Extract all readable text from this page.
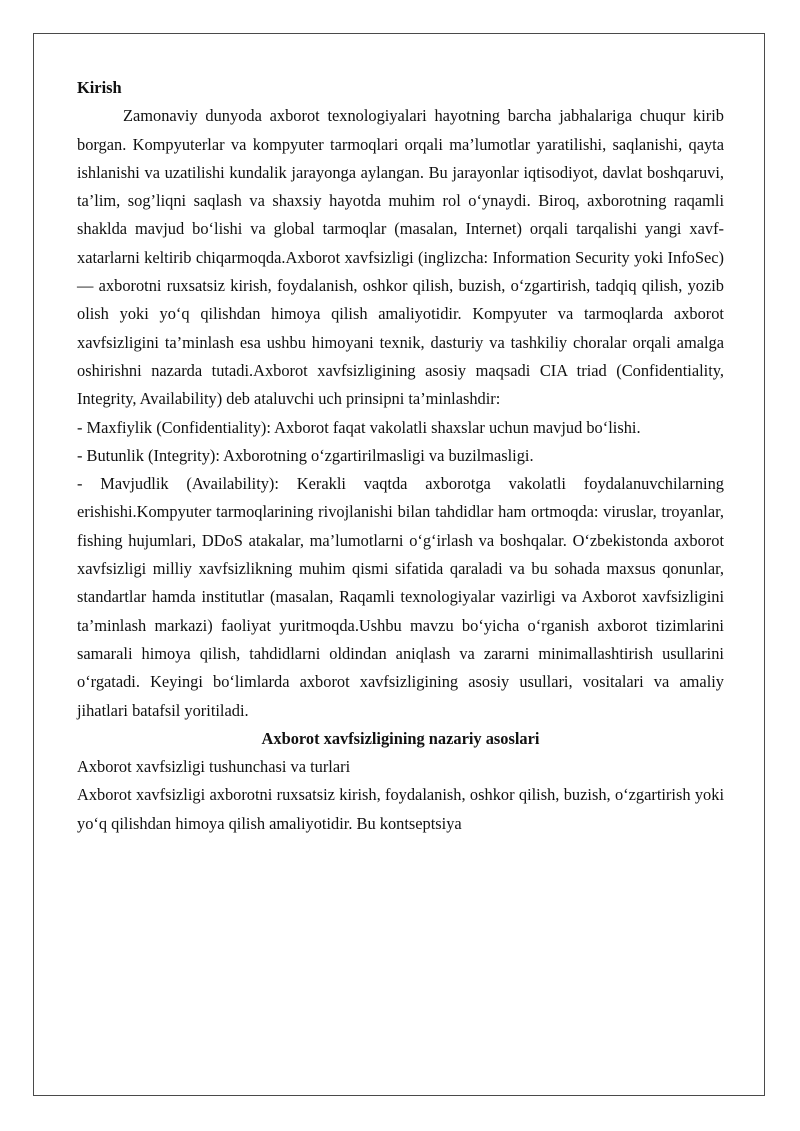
Kirish

Zamonaviy dunyoda axborot texnologiyalari hayotning barcha jabhalariga chuqur kirib borgan. Kompyuterlar va kompyuter tarmoqlari orqali ma’lumotlar yaratilishi, saqlanishi, qayta ishlanishi va uzatilishi kundalik jarayonga aylangan. Bu jarayonlar iqtisodiyot, davlat boshqaruvi, ta’lim, sog’liqni saqlash va shaxsiy hayotda muhim rol o‘ynaydi. Biroq, axborotning raqamli shaklda mavjud bo‘lishi va global tarmoqlar (masalan, Internet) orqali tarqalishi yangi xavf-xatarlarni keltirib chiqarmoqda.Axborot xavfsizligi (inglizcha: Information Security yoki InfoSec) — axborotni ruxsatsiz kirish, foydalanish, oshkor qilish, buzish, o‘zgartirish, tadqiq qilish, yozib olish yoki yo‘q qilishdan himoya qilish amaliyotidir. Kompyuter va tarmoqlarda axborot xavfsizligini ta’minlash esa ushbu himoyani texnik, dasturiy va tashkiliy choralar orqali amalga oshirishni nazarda tutadi.Axborot xavfsizligining asosiy maqsadi CIA triad (Confidentiality, Integrity, Availability) deb ataluvchi uch prinsipni ta’minlashdir:

- Maxfiylik (Confidentiality): Axborot faqat vakolatli shaxslar uchun mavjud bo‘lishi.

- Butunlik (Integrity): Axborotning o‘zgartirilmasligi va buzilmasligi.

- Mavjudlik (Availability): Kerakli vaqtda axborotga vakolatli foydalanuvchilarning erishishi.Kompyuter tarmoqlarining rivojlanishi bilan tahdidlar ham ortmoqda: viruslar, troyanlar, fishing hujumlari, DDoS atakalar, ma’lumotlarni o‘g‘irlash va boshqalar. O‘zbekistonda axborot xavfsizligi milliy xavfsizlikning muhim qismi sifatida qaraladi va bu sohada maxsus qonunlar, standartlar hamda institutlar (masalan, Raqamli texnologiyalar vazirligi va Axborot xavfsizligini ta’minlash markazi) faoliyat yuritmoqda.Ushbu mavzu bo‘yicha o‘rganish axborot tizimlarini samarali himoya qilish, tahdidlarni oldindan aniqlash va zararni minimallashtirish usullarini o‘rgatadi. Keyingi bo‘limlarda axborot xavfsizligining asosiy usullari, vositalari va amaliy jihatlari batafsil yoritiladi.

Axborot xavfsizligining nazariy asoslari

Axborot xavfsizligi tushunchasi va turlari

Axborot xavfsizligi axborotni ruxsatsiz kirish, foydalanish, oshkor qilish, buzish, o‘zgartirish yoki yo‘q qilishdan himoya qilish amaliyotidir. Bu kontseptsiya
